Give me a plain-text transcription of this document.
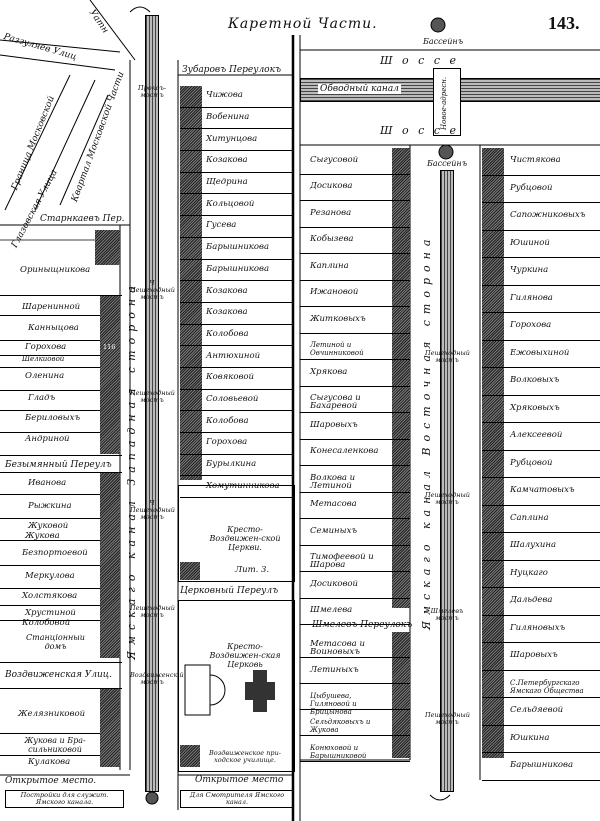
Каретной Части.	143.
Разгуляев Улиц
Уатн
Граница Московской
Глазовская Улица
Квартал Московской Части
Старнкаевъ Пер.
Ямскаго канал Западная сторона
Прокоъ-мостъ
Ч Пешеходный мостъ
Пешеходный мостъ
Ч Пешеходный мостъ
Пешеходный мостъ
Воздвиженскiй мостъ
Ориныщникова
Шаренинной
Канныцова
Горохова
Шелкиовой
Оленина
Гладъ
Бериловыхъ
Андриной
116
Безымянный Переулъ
Иванова
Рыжкина
Жуковой
Жукова
Безпортоевой
Меркулова
Холстякова
Хрустиной
Колобовой
Станцiонныи домъ
Воздвиженская Улиц.
Желязниковой
Жукова и Бра-сильниковой
Кулакова
Открытое место.
Постройки для служит. Ямского канала.
Зубаровъ Переулокъ
Чижова
Вобенина
Хитунцова
Козакова
Щедрина
Кольцовой
Гусева
Барышникова
Барышникова
Козакова
Козакова
Колобова
Антюхиной
Ковяковой
Соловьевой
Колобова
Горохова
Бурылкина
Хомутинникова
Кресто-Воздвижен-ской Церкви.
Лит. 3.
Церковный Переулъ
Кресто-Воздвижен-ская Церковь
Воздвиженское при-ходское училище.
Открытое место
Для Смотрителя Ямского канал.
Ш о с с е
Обводный канал	Новое-адресн.
Ш о с с е
Бассейнъ
Бассейнъ
Ямскаго канал Восточная сторона
Пешеходный мостъ
Пешеходный мостъ
Шмелевъ мостъ
Пешеходный мостъ
Сыгусовой
Досикова
Резанова
Кобызева
Каплина
Ижановой
Житковыхъ
Летиной и Овчинниковой
Хрякова
Сыгусова и Бахаревой
Шаровыхъ
Конесаленкова
Волкова и Летиной
Метасова
Семиныхъ
Тимофеевой и Шарова
Досиковой
Шмелева
Шмелевъ Переулокъ
Метасова и Воиновыхъ
Летиныхъ
Цыбушева, Гиляновой и Брицынова
Сельдяковыхъ и Жукова
Конюховой и Барышниковой
Чистякова
Рубцовой
Сапожниковыхъ
Юшиной
Чуркина
Гилянова
Горохова
Ежовыхиной
Волковыхъ
Хряковыхъ
Алексеевой
Рубцовой
Камчатовыхъ
Саплина
Шалухина
Нуцкаго
Дальдева
Гиляновыхъ
Шаровыхъ
С.Петербургскаго Ямскаго Общества
Сельдяевой
Юшкина
Барышникова
